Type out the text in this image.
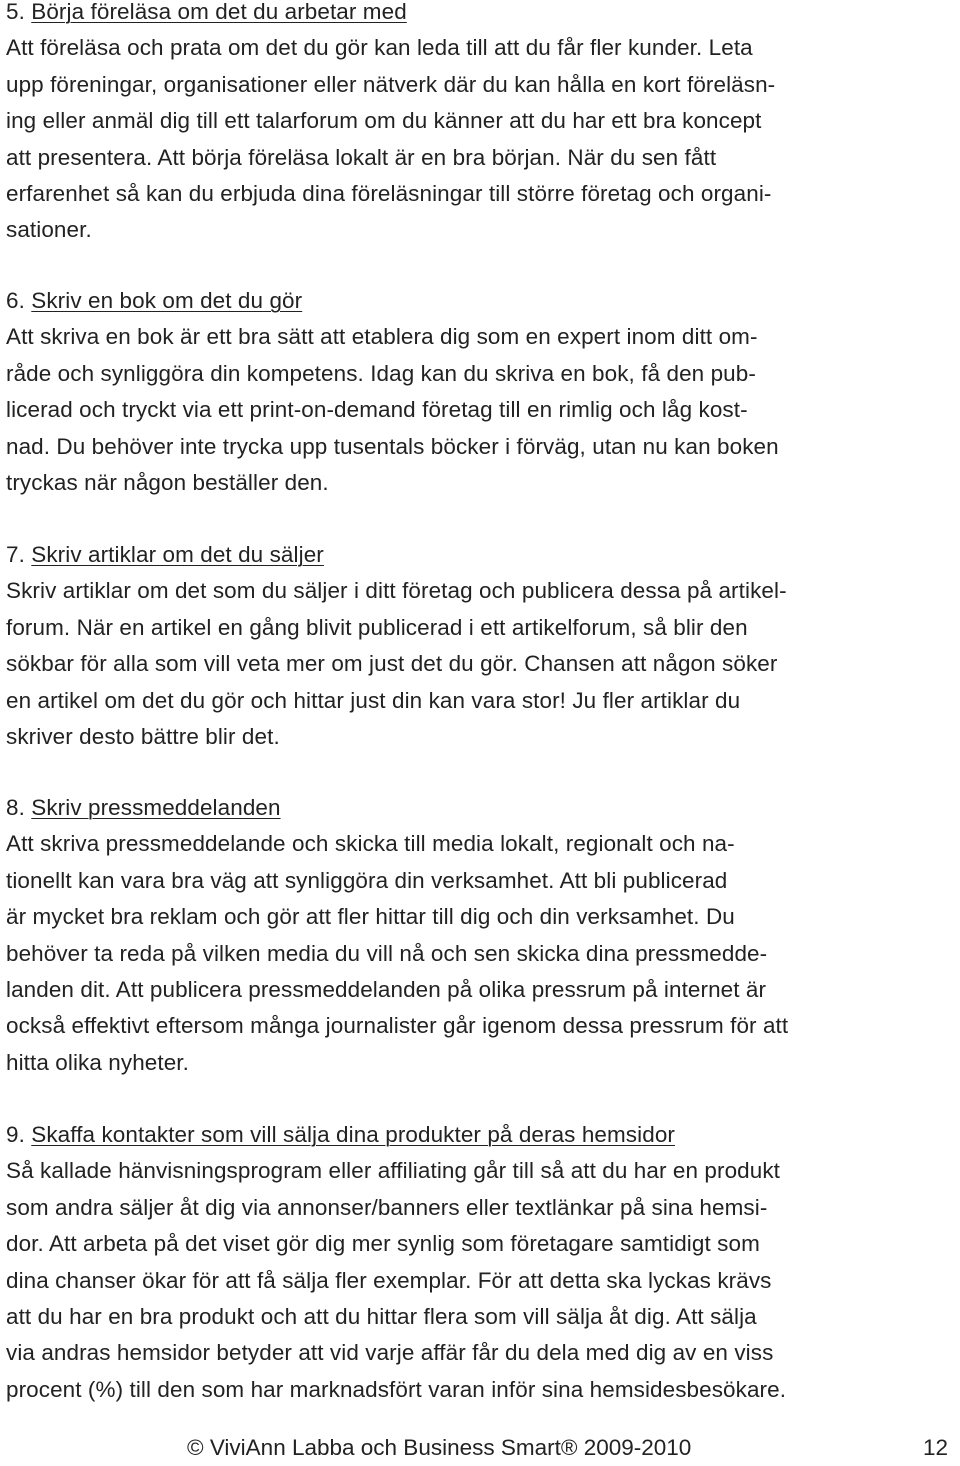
5. Börja föreläsa om det du arbetar med
Att föreläsa och prata om det du gör kan leda till att du får fler kunder. Leta
upp föreningar, organisationer eller nätverk där du kan hålla en kort föreläsn-
ing eller anmäl dig till ett talarforum om du känner att du har ett bra koncept
att presentera. Att börja föreläsa lokalt är en bra början. När du sen fått
erfarenhet så kan du erbjuda dina föreläsningar till större företag och organi-
sationer.
6. Skriv en bok om det du gör
Att skriva en bok är ett bra sätt att etablera dig som en expert inom ditt om-
råde och synliggöra din kompetens. Idag kan du skriva en bok, få den pub-
licerad och tryckt via ett print-on-demand företag till en rimlig och låg kost-
nad. Du behöver inte trycka upp tusentals böcker i förväg, utan nu kan boken
tryckas när någon beställer den.
7. Skriv artiklar om det du säljer
Skriv artiklar om det som du säljer i ditt företag och publicera dessa på artikel-
forum. När en artikel en gång blivit publicerad i ett artikelforum, så blir den
sökbar för alla som vill veta mer om just det du gör. Chansen att någon söker
en artikel om det du gör och hittar just din kan vara stor! Ju fler artiklar du
skriver desto bättre blir det.
8. Skriv pressmeddelanden
Att skriva pressmeddelande och skicka till media lokalt, regionalt och na-
tionellt kan vara bra väg att synliggöra din verksamhet. Att bli publicerad
är mycket bra reklam och gör att fler hittar till dig och din verksamhet. Du
behöver ta reda på vilken media du vill nå och sen skicka dina pressmedde-
landen dit. Att publicera pressmeddelanden på olika pressrum på internet är
också effektivt eftersom många journalister går igenom dessa pressrum för att
hitta olika nyheter.
9. Skaffa kontakter som vill sälja dina produkter på deras hemsidor
Så kallade hänvisningsprogram eller affiliating går till så att du har en produkt
som andra säljer åt dig via annonser/banners eller textlänkar på sina hemsi-
dor. Att arbeta på det viset gör dig mer synlig som företagare samtidigt som
dina chanser ökar för att få sälja fler exemplar. För att detta ska lyckas krävs
att du har en bra produkt och att du hittar flera som vill sälja åt dig. Att sälja
via andras hemsidor betyder att vid varje affär får du dela med dig av en viss
procent (%) till den som har marknadsfört varan inför sina hemsidesbesökare.
© ViviAnn Labba och Business Smart® 2009-2010	12
